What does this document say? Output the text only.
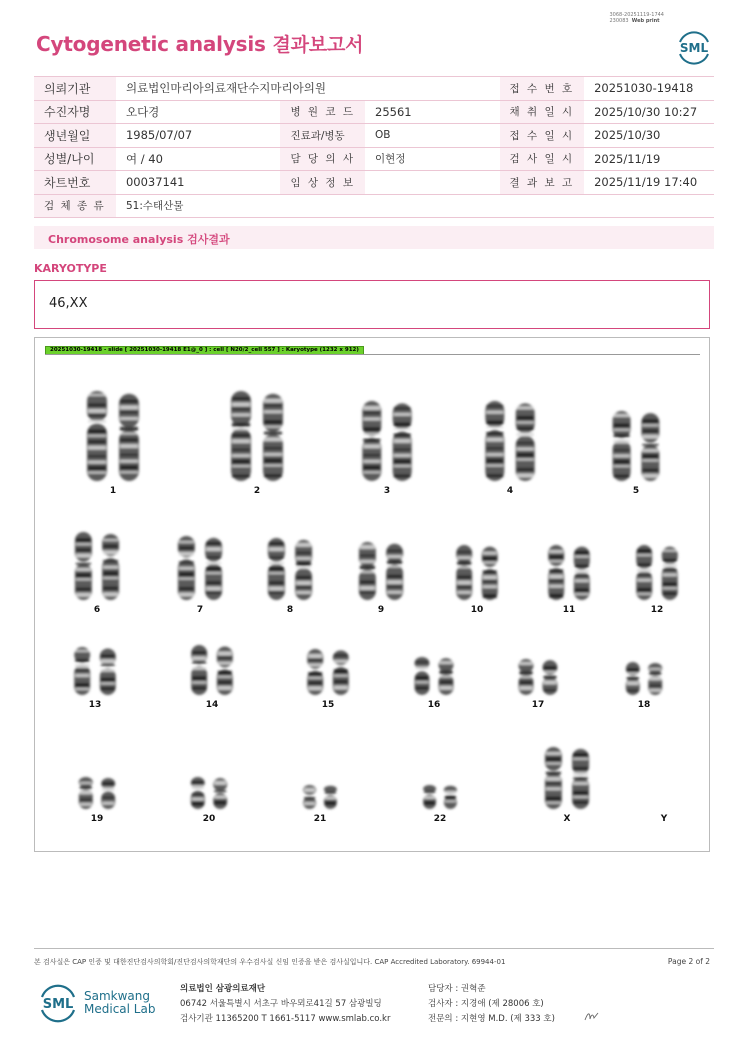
3068-20251119-1744
230083 Web print
Cytogenetic analysis 결과보고서	SML
의뢰기관	의료법인마리아의료재단수지마리아의원			접 수 번 호	20251030-19418
수진자명	오다경	병 원 코 드	25561	채 취 일 시	2025/10/30 10:27
생년월일	1985/07/07	진료과/병동	OB	접 수 일 시	2025/10/30
성별/나이	여 / 40	담 당 의 사	이현정	검 사 일 시	2025/11/19
차트번호	00037141	임 상 정 보		결 과 보 고	2025/11/19 17:40
검 체 종 류	51:수태산물				
Chromosome analysis 검사결과
KARYOTYPE
46,XX
20251030-19418 - slide [ 20251030-19418 E1@_0 ] : cell [ N20/2_cell 557 ] : Karyotype (1232 x 912)
1	2	3	4	5
6	7	8	9	10	11	12
13	14	15	16	17	18
19	20	21	22	X	Y
본 검사실은 CAP 인증 및 대한진단검사의학회/진단검사의학재단의 우수검사실 신임 인증을 받은 검사실입니다. CAP Accredited Laboratory. 69944-01	Page 2 of 2
SML
Samkwang
Medical Lab
의료법인 삼광의료재단
06742 서울특별시 서초구 바우뫼로41길 57 삼광빌딩
검사기관 11365200 T 1661-5117 www.smlab.co.kr
담당자 : 권혁준
검사자 : 지경애 (제 28006 호)
전문의 : 지현영 M.D. (제 333 호)
